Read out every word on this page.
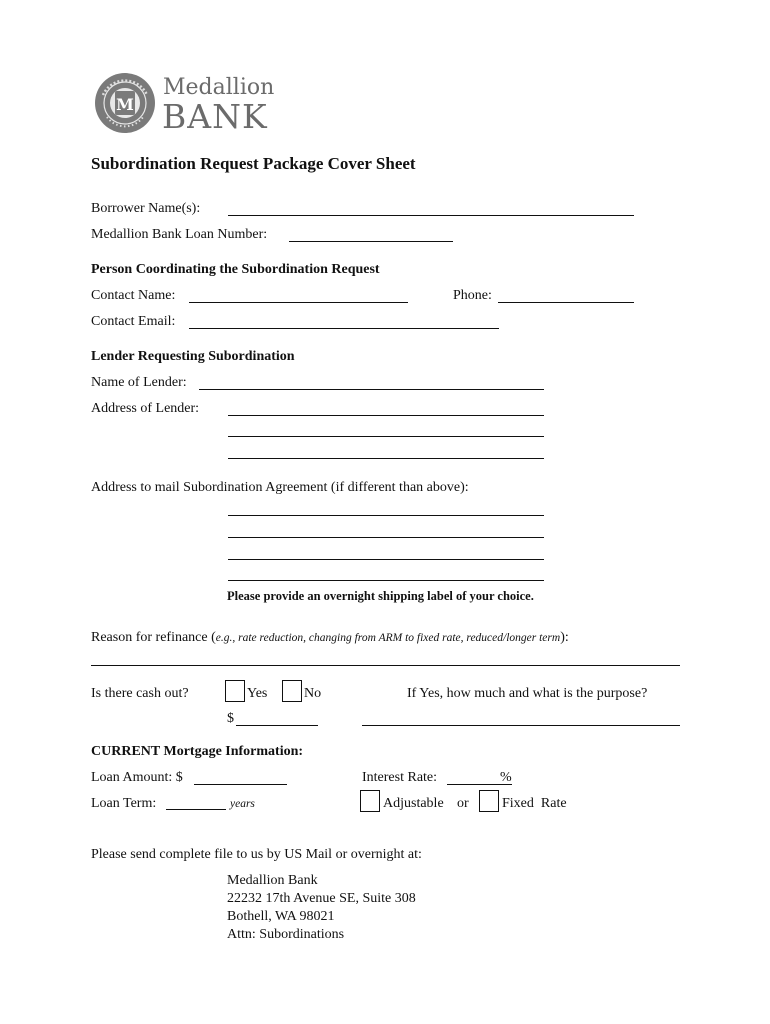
M
Medallion
BANK
Subordination Request Package Cover Sheet
Borrower Name(s):
Medallion Bank Loan Number:
Person Coordinating the Subordination Request
Contact Name:	Phone:
Contact Email:
Lender Requesting Subordination
Name of Lender:
Address of Lender:
Address to mail Subordination Agreement (if different than above):
Please provide an overnight shipping label of your choice.
Reason for refinance (e.g., rate reduction, changing from ARM to fixed rate, reduced/longer term):
Is there cash out?	Yes	No	If Yes, how much and what is the purpose?
$
CURRENT Mortgage Information:
Loan Amount: $	Interest Rate:	%
Loan Term:	years	Adjustable or Fixed  Rate
Please send complete file to us by US Mail or overnight at:
Medallion Bank
22232 17th Avenue SE, Suite 308
Bothell, WA 98021
Attn: Subordinations
